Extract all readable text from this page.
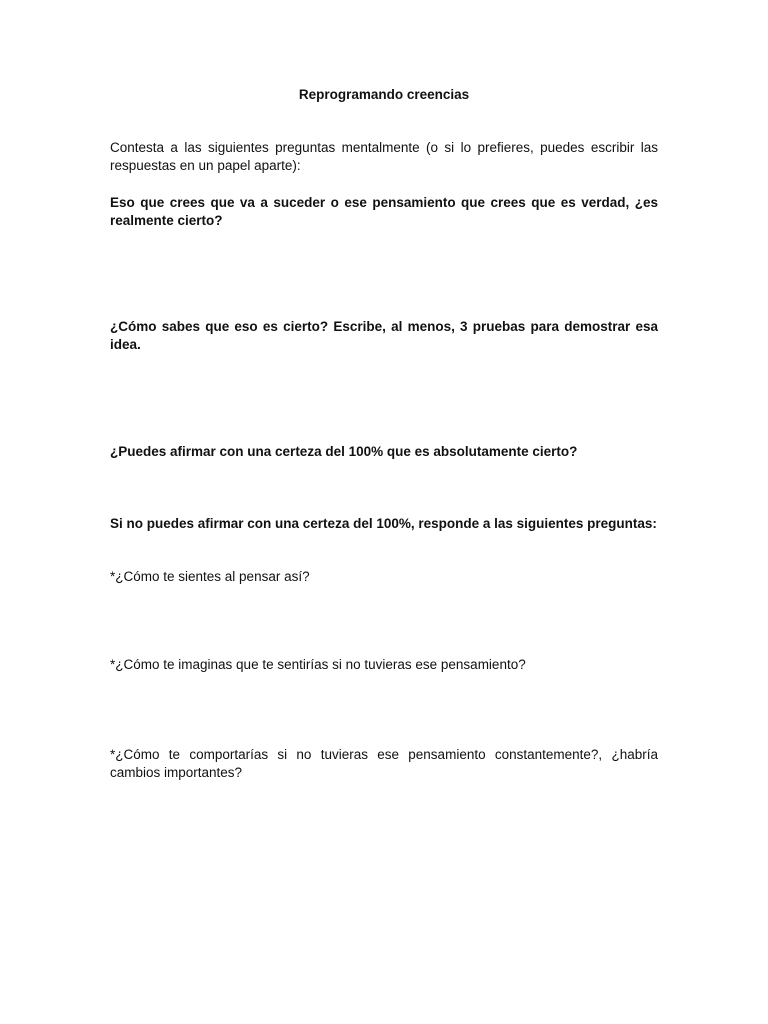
Reprogramando creencias
Contesta a las siguientes preguntas mentalmente (o si lo prefieres, puedes escribir las respuestas en un papel aparte):
Eso que crees que va a suceder o ese pensamiento que crees que es verdad, ¿es realmente cierto?
¿Cómo sabes que eso es cierto? Escribe, al menos, 3 pruebas para demostrar esa idea.
¿Puedes afirmar con una certeza del 100% que es absolutamente cierto?
Si no puedes afirmar con una certeza del 100%, responde a las siguientes preguntas:
*¿Cómo te sientes al pensar así?
*¿Cómo te imaginas que te sentirías si no tuvieras ese pensamiento?
*¿Cómo te comportarías si no tuvieras ese pensamiento constantemente?, ¿habría cambios importantes?
